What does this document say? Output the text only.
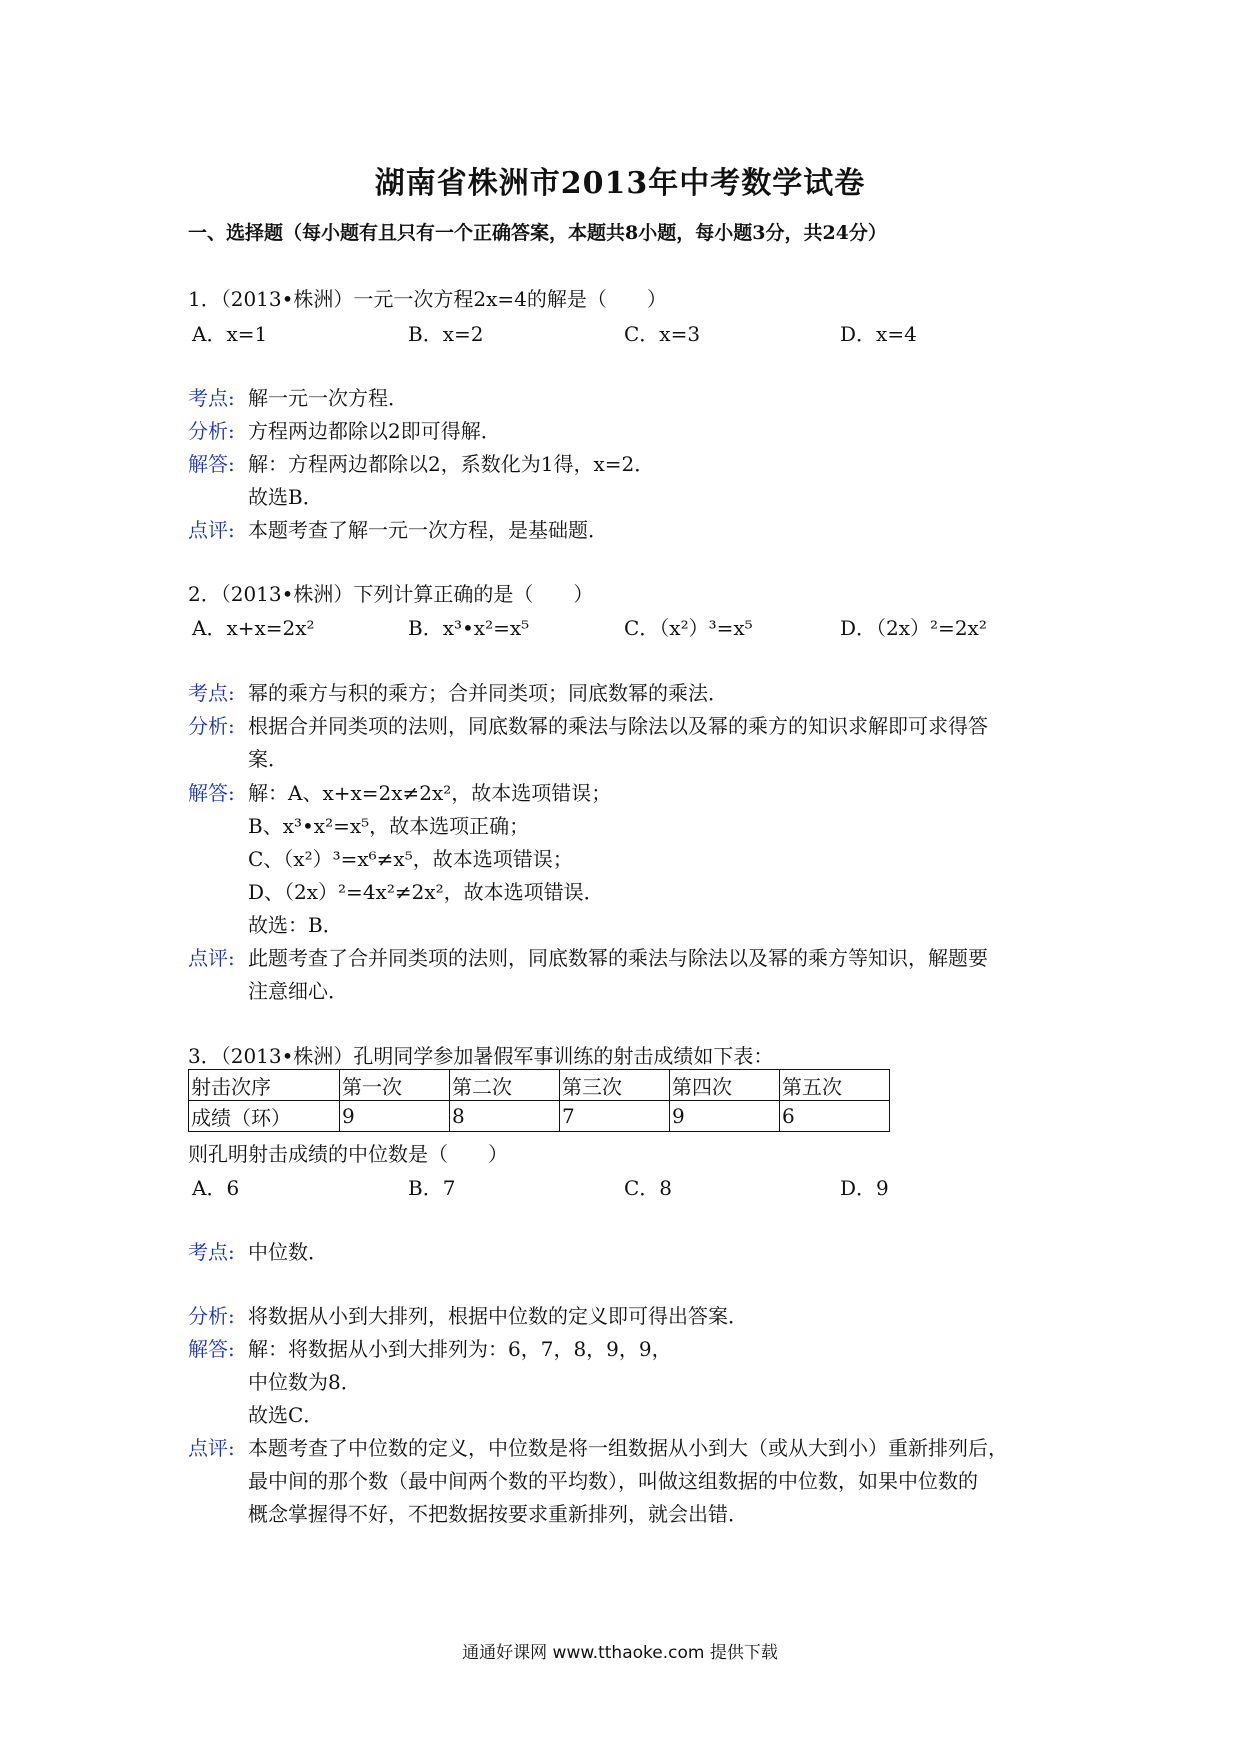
湖南省株洲市2013年中考数学试卷
一、选择题（每小题有且只有一个正确答案，本题共8小题，每小题3分，共24分）
1．（2013•株洲）一元一次方程2x=4的解是（　　）
A．x=1	B．x=2	C．x=3	D．x=4
考点: 解一元一次方程．
分析: 方程两边都除以2即可得解．
解答: 解：方程两边都除以2，系数化为1得，x=2．
故选B．
点评: 本题考查了解一元一次方程，是基础题．
2．（2013•株洲）下列计算正确的是（　　）
A．x+x=2x²	B．x³•x²=x⁵	C．（x²）³=x⁵	D．（2x）²=2x²
考点: 幂的乘方与积的乘方；合并同类项；同底数幂的乘法．
分析: 根据合并同类项的法则，同底数幂的乘法与除法以及幂的乘方的知识求解即可求得答
案．
解答: 解：A、x+x=2x≠2x²，故本选项错误；
B、x³•x²=x⁵，故本选项正确；
C、（x²）³=x⁶≠x⁵，故本选项错误；
D、（2x）²=4x²≠2x²，故本选项错误．
故选：B．
点评: 此题考查了合并同类项的法则，同底数幂的乘法与除法以及幂的乘方等知识，解题要
注意细心．
3．（2013•株洲）孔明同学参加暑假军事训练的射击成绩如下表：
射击次序	第一次	第二次	第三次	第四次	第五次
成绩（环）	9	8	7	9	6
则孔明射击成绩的中位数是（　　）
A．6	B．7	C．8	D．9
考点: 中位数．
分析: 将数据从小到大排列，根据中位数的定义即可得出答案．
解答: 解：将数据从小到大排列为：6，7，8，9，9，
中位数为8．
故选C．
点评: 本题考查了中位数的定义，中位数是将一组数据从小到大（或从大到小）重新排列后，
最中间的那个数（最中间两个数的平均数），叫做这组数据的中位数，如果中位数的
概念掌握得不好，不把数据按要求重新排列，就会出错．
通通好课网 www.tthaoke.com 提供下载
